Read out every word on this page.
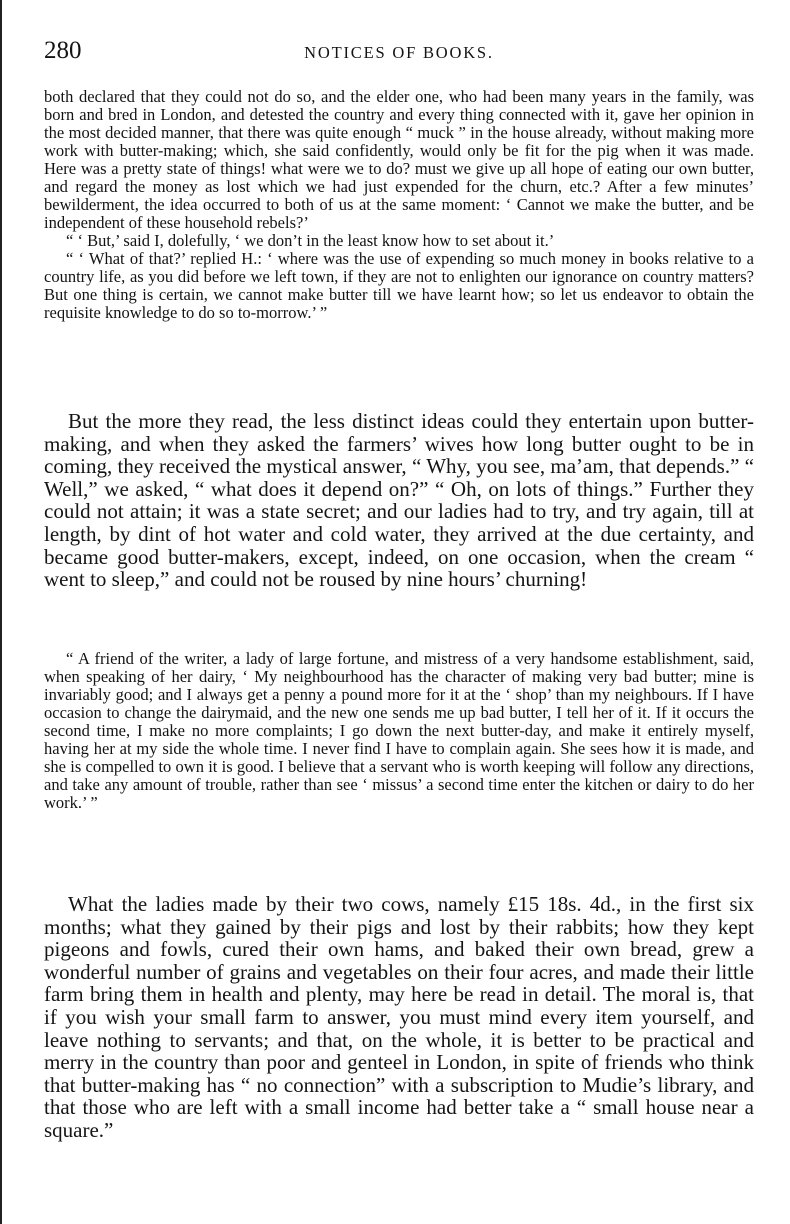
280	NOTICES OF BOOKS.

both declared that they could not do so, and the elder one, who had been many years in the family, was born and bred in London, and detested the country and every thing connected with it, gave her opinion in the most decided manner, that there was quite enough “ muck ” in the house already, without making more work with butter-making; which, she said confidently, would only be fit for the pig when it was made. Here was a pretty state of things! what were we to do? must we give up all hope of eating our own butter, and regard the money as lost which we had just expended for the churn, etc.? After a few minutes’ bewilderment, the idea occurred to both of us at the same moment: ‘ Cannot we make the butter, and be independent of these household rebels?’

“ ‘ But,’ said I, dolefully, ‘ we don’t in the least know how to set about it.’

“ ‘ What of that?’ replied H.: ‘ where was the use of expending so much money in books relative to a country life, as you did before we left town, if they are not to enlighten our ignorance on country matters? But one thing is certain, we cannot make butter till we have learnt how; so let us endeavor to obtain the requisite knowledge to do so to-morrow.’ ”

But the more they read, the less distinct ideas could they entertain upon butter-making, and when they asked the farmers’ wives how long butter ought to be in coming, they received the mystical answer, “ Why, you see, ma’am, that depends.” “ Well,” we asked, “ what does it depend on?” “ Oh, on lots of things.” Further they could not attain; it was a state secret; and our ladies had to try, and try again, till at length, by dint of hot water and cold water, they arrived at the due certainty, and became good butter-makers, except, indeed, on one occasion, when the cream “ went to sleep,” and could not be roused by nine hours’ churning!

“ A friend of the writer, a lady of large fortune, and mistress of a very handsome establishment, said, when speaking of her dairy, ‘ My neighbourhood has the character of making very bad butter; mine is invariably good; and I always get a penny a pound more for it at the ‘ shop’ than my neighbours. If I have occasion to change the dairymaid, and the new one sends me up bad butter, I tell her of it. If it occurs the second time, I make no more complaints; I go down the next butter-day, and make it entirely myself, having her at my side the whole time. I never find I have to complain again. She sees how it is made, and she is compelled to own it is good. I believe that a servant who is worth keeping will follow any directions, and take any amount of trouble, rather than see ‘ missus’ a second time enter the kitchen or dairy to do her work.’ ”

What the ladies made by their two cows, namely £15 18s. 4d., in the first six months; what they gained by their pigs and lost by their rabbits; how they kept pigeons and fowls, cured their own hams, and baked their own bread, grew a wonderful number of grains and vegetables on their four acres, and made their little farm bring them in health and plenty, may here be read in detail. The moral is, that if you wish your small farm to answer, you must mind every item yourself, and leave nothing to servants; and that, on the whole, it is better to be practical and merry in the country than poor and genteel in London, in spite of friends who think that butter-making has “ no connection” with a subscription to Mudie’s library, and that those who are left with a small income had better take a “ small house near a square.”
